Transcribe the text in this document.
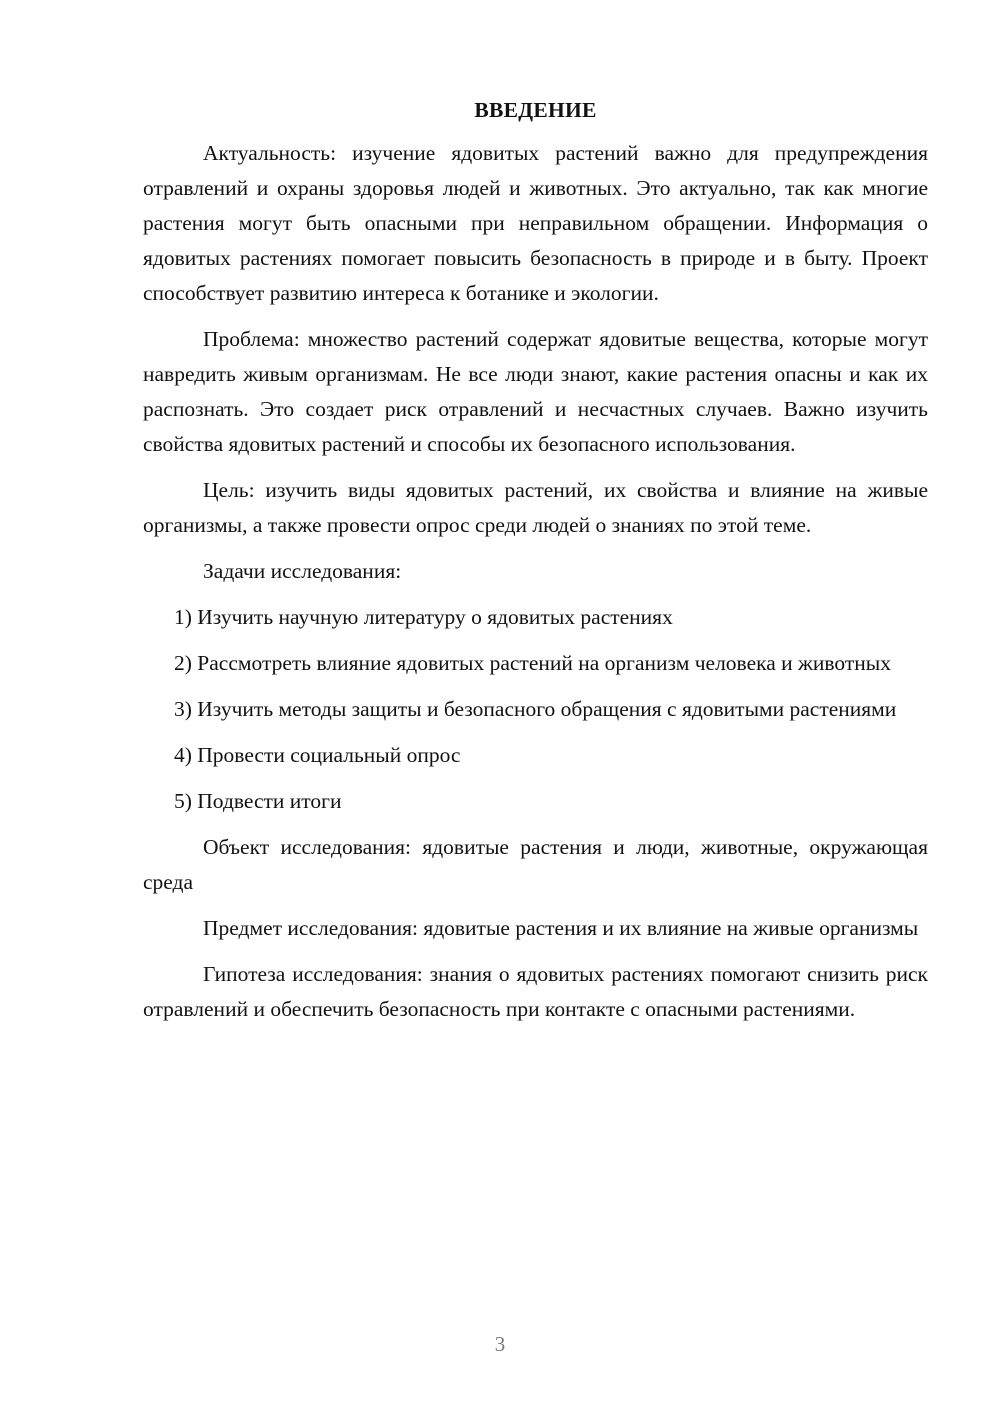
ВВЕДЕНИЕ

Актуальность: изучение ядовитых растений важно для предупреждения отравлений и охраны здоровья людей и животных. Это актуально, так как многие растения могут быть опасными при неправильном обращении. Информация о ядовитых растениях помогает повысить безопасность в природе и в быту. Проект способствует развитию интереса к ботанике и экологии.

Проблема: множество растений содержат ядовитые вещества, которые могут навредить живым организмам. Не все люди знают, какие растения опасны и как их распознать. Это создает риск отравлений и несчастных случаев. Важно изучить свойства ядовитых растений и способы их безопасного использования.

Цель: изучить виды ядовитых растений, их свойства и влияние на живые организмы, а также провести опрос среди людей о знаниях по этой теме.

Задачи исследования:

1) Изучить научную литературу о ядовитых растениях

2) Рассмотреть влияние ядовитых растений на организм человека и животных

3) Изучить методы защиты и безопасного обращения с ядовитыми растениями

4) Провести социальный опрос

5) Подвести итоги

Объект исследования: ядовитые растения и люди, животные, окружающая среда

Предмет исследования: ядовитые растения и их влияние на живые организмы

Гипотеза исследования: знания о ядовитых растениях помогают снизить риск отравлений и обеспечить безопасность при контакте с опасными растениями.

3
